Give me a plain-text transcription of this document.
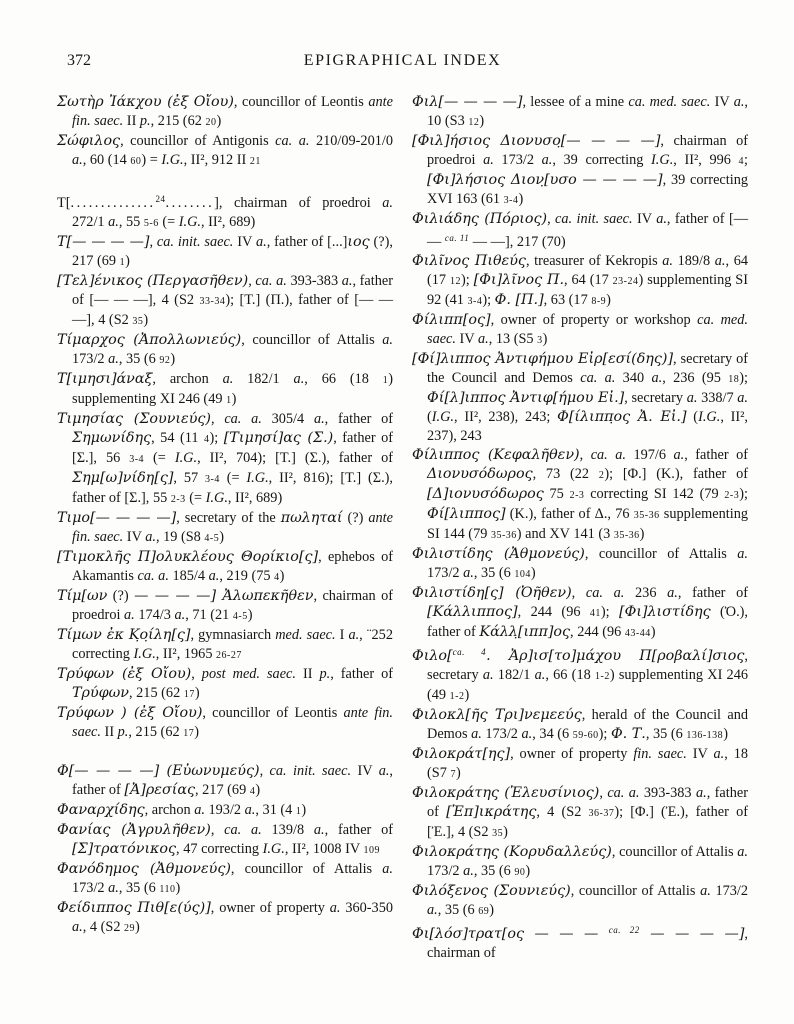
372	EPIGRAPHICAL INDEX

Σωτὴρ Ἰάκχου (ἐξ Οἴου), councillor of Leontis ante fin. saec. II p., 215 (62 20)

Σώφιλος, councillor of Antigonis ca. a. 210/09-201/0 a., 60 (14 60) = I.G., II², 912 II 21

Τ[..............$^{24}$........], chairman of proedroi a. 272/1 a., 55 5-6 (= I.G., II², 689)

Τ[— — — —], ca. init. saec. IV a., father of [...]ιος (?), 217 (69 1)

[Τελ]ένικος (Περγασῆθεν), ca. a. 393-383 a., father of [— — —], 4 (S2 33-34); [Τ.] (Π.), father of [— — —], 4 (S2 35)

Τίμαρχος (Ἀπολλωνιεύς), councillor of Attalis a. 173/2 a., 35 (6 92)

Τ[ιμησι]άναξ, archon a. 182/1 a., 66 (18 1) supplementing XI 246 (49 1)

Τιμησίας (Σουνιεύς), ca. a. 305/4 a., father of Σημωνίδης, 54 (11 4); [Τιμησί]ας (Σ.), father of [Σ.], 56 3-4 (= I.G., II², 704); [Τ.] (Σ.), father of Σημ[ω]νίδη[ς], 57 3-4 (= I.G., II², 816); [Τ.] (Σ.), father of [Σ.], 55 2-3 (= I.G., II², 689)

Τιμο[— — — —], secretary of the πωληταί (?) ante fin. saec. IV a., 19 (S8 4-5)

[Τιμοκλῆς Π]ολυκλέους Θορίκιο[ς], ephebos of Akamantis ca. a. 185/4 a., 219 (75 4)

Τίμ[ων (?) — — — —] Ἀλωπεκῆθεν, chairman of proedroi a. 174/3 a., 71 (21 4-5)

Τίμων ἐκ Κ̣ο̣ίλη[ς], gymnasiarch med. saec. I a., ¨252 correcting I.G., II², 1965 26-27

Τρύφων (ἐξ Οἴου), post med. saec. II p., father of Τρύφων, 215 (62 17)

Τρύφων ) (ἐξ Οἴου), councillor of Leontis ante fin. saec. II p., 215 (62 17)

Φ[— — — —] (Εὐωνυμεύς), ca. init. saec. IV a., father of [Ἀ]ρεσίας, 217 (69 4)

Φαναρχίδης, archon a. 193/2 a., 31 (4 1)

Φανίας (Ἀγρυλῆθεν), ca. a. 139/8 a., father of [Σ]τρατόνικος, 47 correcting I.G., II², 1008 IV 109

Φανόδημος (Ἀθμονεύς), councillor of Attalis a. 173/2 a., 35 (6 110)

Φείδιππος Πιθ[ε(ύς)], owner of property a. 360-350 a., 4 (S2 29)

Φιλ[— — — —], lessee of a mine ca. med. saec. IV a., 10 (S3 12)

[Φιλ]ήσιος Διονυσο̣[— — — —], chairman of proedroi a. 173/2 a., 39 correcting I.G., II², 996 4; [Φι]λήσιος Διον̣[υσο — — — —], 39 correcting XVI 163 (61 3-4)

Φιλιάδης (Πόριος), ca. init. saec. IV a., father of [— — $^{ca. 11}$ — —], 217 (70)

Φιλῖνος Πιθεύς, treasurer of Kekropis a. 189/8 a., 64 (17 12); [Φι]λῖνος Π., 64 (17 23-24) supplementing SI 92 (41 3-4); Φ. [Π.], 63 (17 8-9)

Φίλιππ[ος], owner of property or workshop ca. med. saec. IV a., 13 (S5 3)

[Φί]λιππος Ἀντιφήμου Εἰρ[εσί(δης)], secretary of the Council and Demos ca. a. 340 a., 236 (95 18); Φί[λ]ιππος Ἀντιφ[ήμου Εἰ.], secretary a. 338/7 a. (I.G., II², 238), 243; Φ[ίλιππ̣ος Ἀ. Εἰ.] (I.G., II², 237), 243

Φίλιππος (Κεφαλῆθεν), ca. a. 197/6 a., father of Διονυσόδωρος, 73 (22 2); [Φ.] (Κ.), father of [Δ]ιονυσόδωρος 75 2-3 correcting SI 142 (79 2-3); Φί[λιππος] (Κ.), father of Δ., 76 35-36 supplementing SI 144 (79 35-36) and XV 141 (3 35-36)

Φιλιστίδης (Ἀθμονεύς), councillor of Attalis a. 173/2 a., 35 (6 104)

Φιλιστίδη[ς] (Ὀῆθεν), ca. a. 236 a., father of [Κάλλιππος], 244 (96 41); [Φι]λιστίδης (Ὀ.), father of Κάλλ̣[ιππ]ος, 244 (96 43-44)

Φιλο[$^{ca. 4}$. Ἀρ]ισ[το]μάχου Π[ροβαλί]σιος, secretary a. 182/1 a., 66 (18 1-2) supplementing XI 246 (49 1-2)

Φιλοκλ[ῆς Τρι]νεμεεύς, herald of the Council and Demos a. 173/2 a., 34 (6 59-60); Φ. Τ., 35 (6 136-138)

Φιλοκράτ[ης], owner of property fin. saec. IV a., 18 (S7 7)

Φιλοκράτης (Ἐλευσίνιος), ca. a. 393-383 a., father of [Ἐπ]ικράτης, 4 (S2 36-37); [Φ.] (Ἐ.), father of [Ἐ.], 4 (S2 35)

Φιλοκράτης (Κορυδαλλεύς), councillor of Attalis a. 173/2 a., 35 (6 90)

Φιλόξενος (Σουνιεύς), councillor of Attalis a. 173/2 a., 35 (6 69)

Φι[λόσ]τρατ[ος — — — $^{ca. 22}$ — — — —], chairman of
